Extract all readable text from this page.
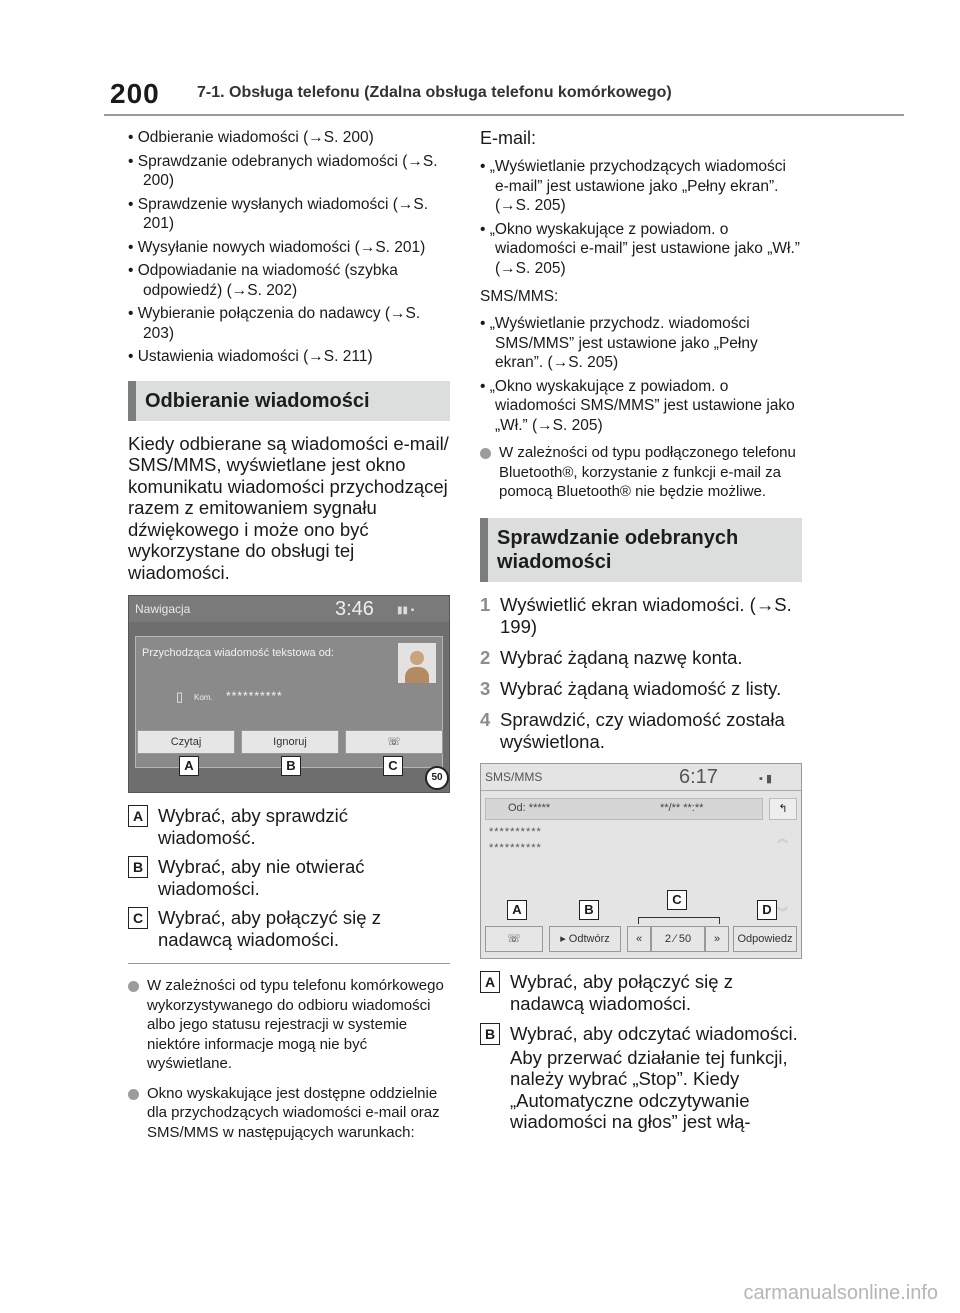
200 7-1. Obsługa telefonu (Zdalna obsługa telefonu komórkowego)
• Odbieranie wiadomości (→S. 200)
• Sprawdzanie odebranych wiadomości (→S. 200)
• Sprawdzenie wysłanych wiadomości (→S. 201)
• Wysyłanie nowych wiadomości (→S. 201)
• Odpowiadanie na wiadomość (szybka odpowiedź) (→S. 202)
• Wybieranie połączenia do nadawcy (→S. 203)
• Ustawienia wiadomości (→S. 211)
Odbieranie wiadomości
Kiedy odbierane są wiadomości e-mail/ SMS/MMS, wyświetlane jest okno komunikatu wiadomości przychodzącej razem z emitowaniem sygnału dźwiękowego i może ono być wykorzystane do obsługi tej wiadomości.
Nawigacja	3:46 ▮▮ ▪
Przychodząca wiadomość tekstowa od:
▯ Kom. **********
Czytaj	Ignoruj	☏
A	B	C
50
A Wybrać, aby sprawdzić wiadomość.
B Wybrać, aby nie otwierać wiadomości.
C Wybrać, aby połączyć się z nadawcą wiadomości.
W zależności od typu telefonu komórkowego wykorzystywanego do odbioru wiadomości albo jego statusu rejestracji w systemie niektóre informacje mogą nie być wyświetlane.
Okno wyskakujące jest dostępne oddzielnie dla przychodzących wiadomości e-mail oraz SMS/MMS w następujących warunkach:
E-mail:
• „Wyświetlanie przychodzących wiadomości e-mail” jest ustawione jako „Pełny ekran”. (→S. 205)
• „Okno wyskakujące z powiadom. o wiadomości e-mail” jest ustawione jako „Wł.” (→S. 205)
SMS/MMS:
• „Wyświetlanie przychodz. wiadomości SMS/MMS” jest ustawione jako „Pełny ekran”. (→S. 205)
• „Okno wyskakujące z powiadom. o wiadomości SMS/MMS” jest ustawione jako „Wł.” (→S. 205)
W zależności od typu podłączonego telefonu Bluetooth®, korzystanie z funkcji e-mail za pomocą Bluetooth® nie będzie możliwe.
Sprawdzanie odebranych wiadomości
1 Wyświetlić ekran wiadomości. (→S. 199)
2 Wybrać żądaną nazwę konta.
3 Wybrać żądaną wiadomość z listy.
4 Sprawdzić, czy wiadomość została wyświetlona.
SMS/MMS	6:17	▪ ▮
Od: *****	**/** **:**	↰
**********
**********
︽
︾
☏	▸ Odtwórz	«	2 ⁄ 50	»	Odpowiedz
A	B
C
D
A Wybrać, aby połączyć się z nadawcą wiadomości.
B Wybrać, aby odczytać wiadomości.
Aby przerwać działanie tej funkcji, należy wybrać „Stop”. Kiedy „Automatyczne odczytywanie wiadomości na głos” jest włą-
carmanualsonline.info
